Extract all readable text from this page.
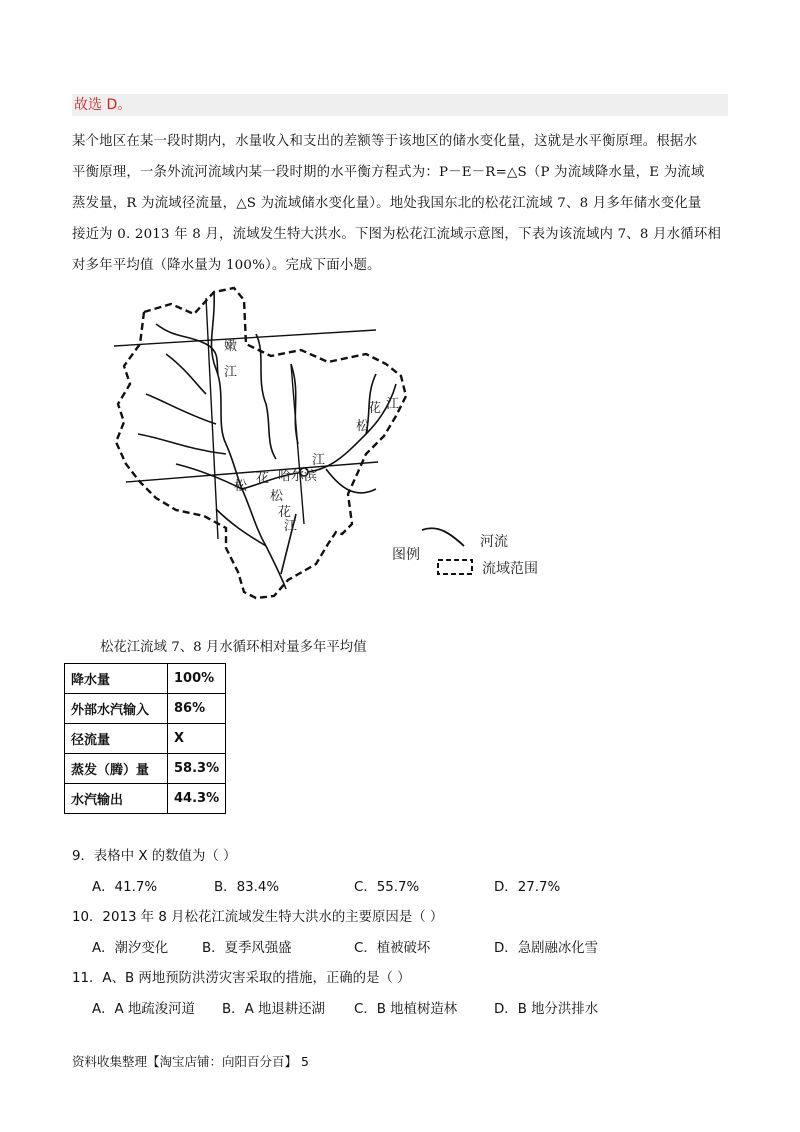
故选 D。

某个地区在某一段时期内，水量收入和支出的差额等于该地区的储水变化量，这就是水平衡原理。根据水

平衡原理，一条外流河流域内某一段时期的水平衡方程式为：P－E－R=△S（P 为流域降水量，E 为流域

蒸发量，R 为流域径流量，△S 为流域储水变化量）。地处我国东北的松花江流域 7、8 月多年储水变化量

接近为 0. 2013 年 8 月，流域发生特大洪水。下图为松花江流域示意图，下表为该流域内 7、8 月水循环相

对多年平均值（降水量为 100%）。完成下面小题。

嫩
江
花 江
松
江
花 哈尔滨
松
松
花
江
图例
河流
流域范围
松花江流域 7、8 月水循环相对量多年平均值
降水量	100%
外部水汽输入	86%
径流量	X
蒸发（腾）量	58.3%
水汽输出	44.3%
9．表格中 X 的数值为（ ）
A．41.7%	B．83.4%	C．55.7%	D．27.7%
10．2013 年 8 月松花江流域发生特大洪水的主要原因是（ ）
A．潮汐变化	B．夏季风强盛	C．植被破坏	D．急剧融冰化雪
11．A、B 两地预防洪涝灾害采取的措施，正确的是（ ）
A．A 地疏浚河道 B．A 地退耕还湖 C．B 地植树造林	D．B 地分洪排水
资料收集整理【淘宝店铺：向阳百分百】 5
